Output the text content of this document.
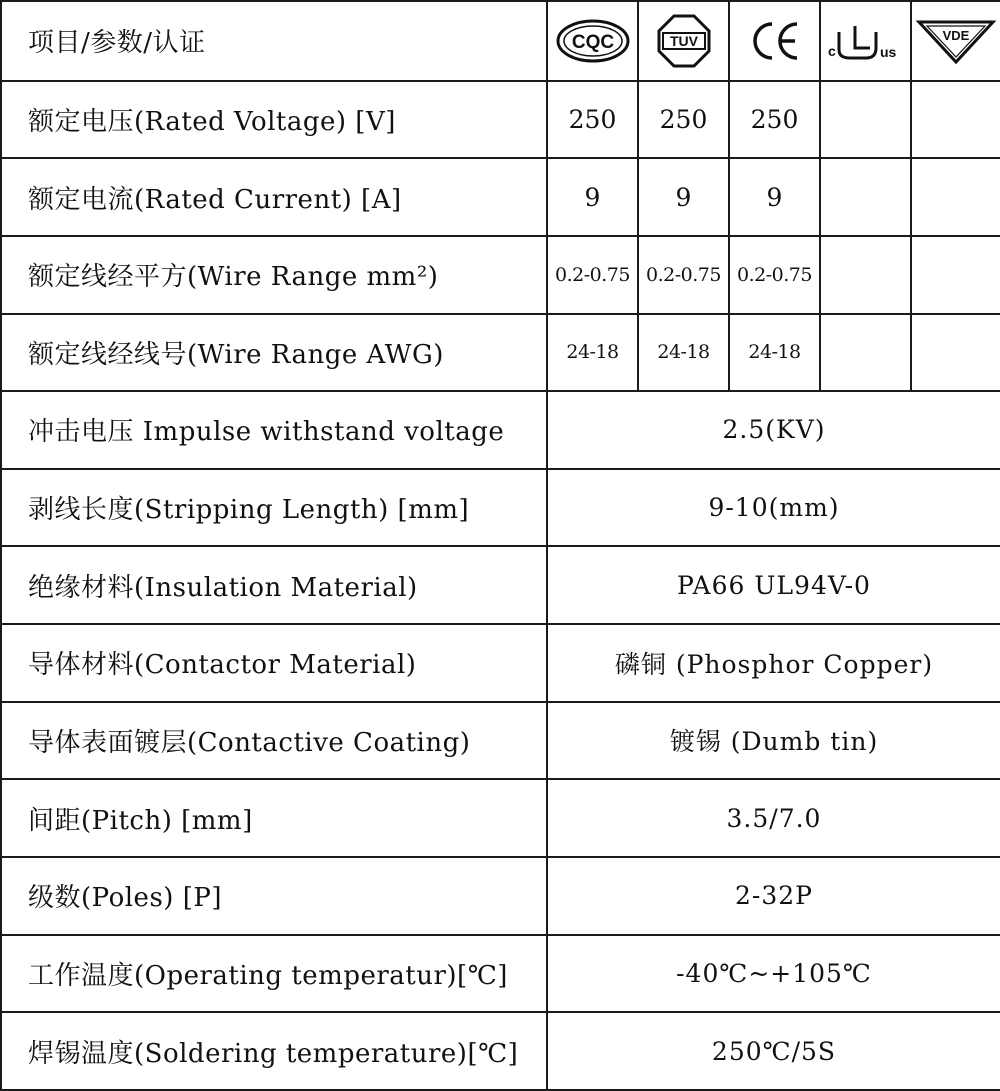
项目/参数/认证	CQC	TUV		c us	VDE

额定电压(Rated Voltage) [V]	250	250	250		
额定电流(Rated Current) [A]	9	9	9		
额定线经平方(Wire Range mm²)	0.2-0.75	0.2-0.75	0.2-0.75		
额定线经线号(Wire Range AWG)	24-18	24-18	24-18		
冲击电压 Impulse withstand voltage	2.5(KV)				
剥线长度(Stripping Length) [mm]	9-10(mm)				
绝缘材料(Insulation Material)	PA66 UL94V-0				
导体材料(Contactor Material)	磷铜 (Phosphor Copper)				
导体表面镀层(Contactive Coating)	镀锡 (Dumb tin)				
间距(Pitch) [mm]	3.5/7.0				
级数(Poles) [P]	2-32P				
工作温度(Operating temperatur)[℃]	-40℃~+105℃				
焊锡温度(Soldering temperature)[℃]	250℃/5S				
